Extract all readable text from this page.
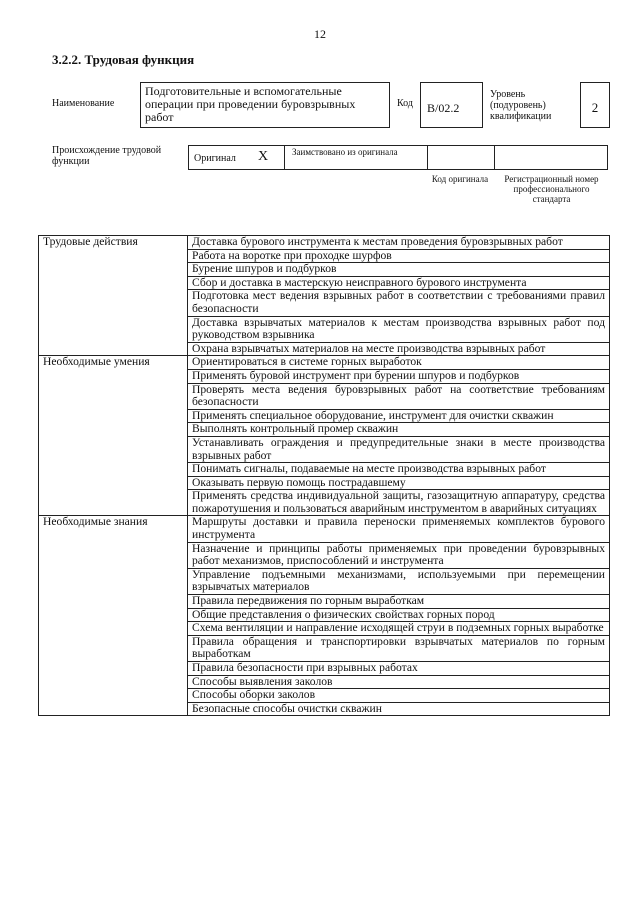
12
3.2.2. Трудовая функция
Наименование
Подготовительные и вспомогательные операции при проведении буровзрывных работ
Код	B/02.2
Уровень (подуровень) квалификации
2
Происхождение трудовой функции	Оригинал X	Заимствовано из оригинала
Код оригинала	Регистрационный номер профессионального стандарта
Трудовые действия	Доставка бурового инструмента к местам проведения буровзрывных работ
	Работа на воротке при проходке шурфов
	Бурение шпуров и подбурков
	Сбор и доставка в мастерскую неисправного бурового инструмента
	Подготовка мест ведения взрывных работ в соответствии с требованиями правил безопасности
	Доставка взрывчатых материалов к местам производства взрывных работ под руководством взрывника
	Охрана взрывчатых материалов на месте производства взрывных работ
Необходимые умения	Ориентироваться в системе горных выработок
	Применять буровой инструмент при бурении шпуров и подбурков
	Проверять места ведения буровзрывных работ на соответствие требованиям безопасности
	Применять специальное оборудование, инструмент для очистки скважин
	Выполнять контрольный промер скважин
	Устанавливать ограждения и предупредительные знаки в месте производства взрывных работ
	Понимать сигналы, подаваемые на месте производства взрывных работ
	Оказывать первую помощь пострадавшему
	Применять средства индивидуальной защиты, газозащитную аппаратуру, средства пожаротушения и пользоваться аварийным инструментом в аварийных ситуациях
Необходимые знания	Маршруты доставки и правила переноски применяемых комплектов бурового инструмента
	Назначение и принципы работы применяемых при проведении буровзрывных работ механизмов, приспособлений и инструмента
	Управление подъемными механизмами, используемыми при перемещении взрывчатых материалов
	Правила передвижения по горным выработкам
	Общие представления о физических свойствах горных пород
	Схема вентиляции и направление исходящей струи в подземных горных выработке
	Правила обращения и транспортировки взрывчатых материалов по горным выработкам
	Правила безопасности при взрывных работах
	Способы выявления заколов
	Способы оборки заколов
	Безопасные способы очистки скважин
